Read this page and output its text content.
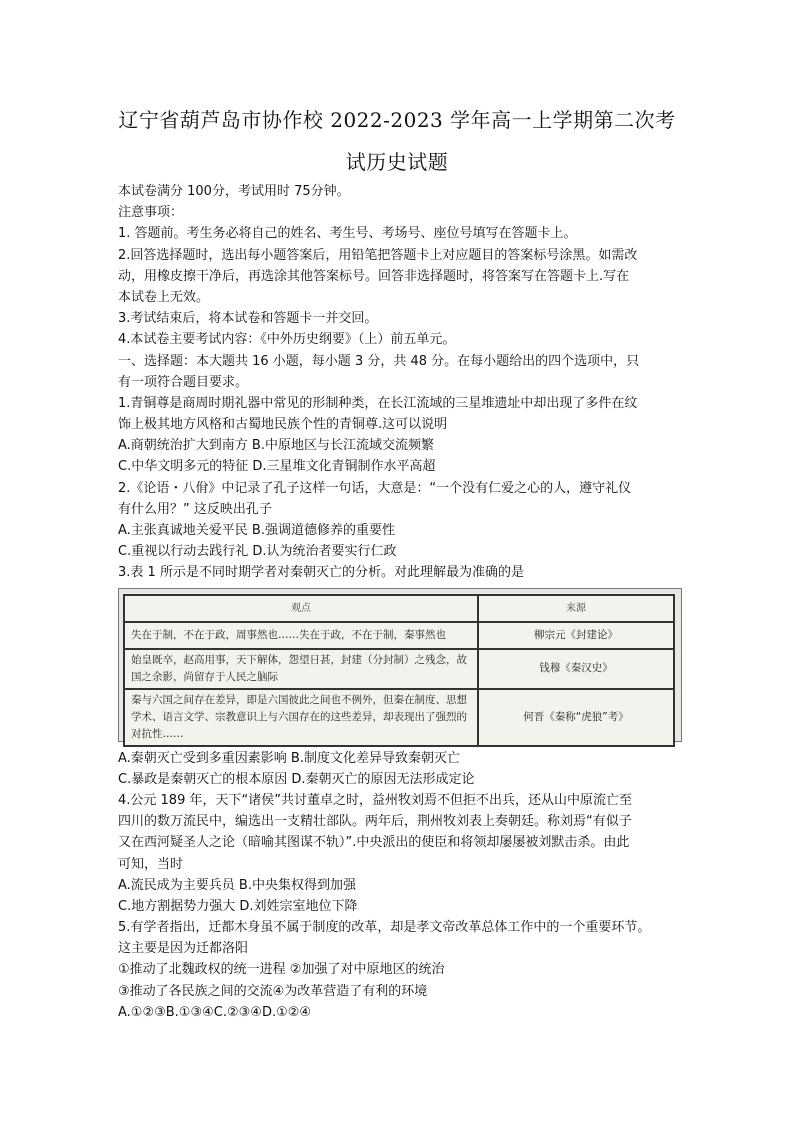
辽宁省葫芦岛市协作校 2022-2023 学年高一上学期第二次考
试历史试题
本试卷满分 100分，考试用时 75分钟。
注意事项：
1. 答题前。考生务必将自己的姓名、考生号、考场号、座位号填写在答题卡上。
2.回答选择题时，选出每小题答案后，用铅笔把答题卡上对应题目的答案标号涂黑。如需改
动，用橡皮擦干净后，再选涂其他答案标号。回答非选择题时，将答案写在答题卡上.写在
本试卷上无效。
3.考试结束后，将本试卷和答题卡一并交回。
4.本试卷主要考试内容：《中外历史纲要》（上）前五单元。
一、选择题：本大题共 16 小题，每小题 3 分，共 48 分。在每小题给出的四个选项中，只
有一项符合题目要求。
1.青铜尊是商周时期礼器中常见的形制种类，在长江流域的三星堆遗址中却出现了多件在纹
饰上极其地方风格和古蜀地民族个性的青铜尊.这可以说明
A.商朝统治扩大到南方 B.中原地区与长江流域交流频繁
C.中华文明多元的特征 D.三星堆文化青铜制作水平高超
2.《论语・八佾》中记录了孔子这样一句话，大意是：“一个没有仁爱之心的人，遵守礼仪
有什么用？” 这反映出孔子
A.主张真诚地关爱平民 B.强调道德修养的重要性
C.重视以行动去践行礼 D.认为统治者要实行仁政
3.表 1 所示是不同时期学者对秦朝灭亡的分析。对此理解最为准确的是
观点	来源
失在于制，不在于政，周事然也……失在于政，不在于制，秦事然也	柳宗元《封建论》
始皇既卒，赵高用事，天下解体，怨望日甚，封建（分封制）之残念，故国之余影，尚留存于人民之脑际	钱穆《秦汉史》
秦与六国之间存在差异，即是六国彼此之间也不例外，但秦在制度、思想学术、语言文学、宗教意识上与六国存在的这些差异，却表现出了强烈的对抗性……	何晋《秦称“虎狼”考》
A.秦朝灭亡受到多重因素影响 B.制度文化差异导致秦朝灭亡
C.暴政是秦朝灭亡的根本原因 D.秦朝灭亡的原因无法形成定论
4.公元 189 年，天下“诸侯”共讨董卓之时，益州牧刘焉不但拒不出兵，还从山中原流亡至
四川的数万流民中，编选出一支精壮部队。两年后，荆州牧刘表上奏朝廷。称刘焉“有似子
又在西河疑圣人之论（暗喻其图谋不轨）”.中央派出的使臣和将领却屡屡被刘默击杀。由此
可知，当时
A.流民成为主要兵员 B.中央集权得到加强
C.地方割据势力强大 D.刘姓宗室地位下降
5.有学者指出，迁都木身虽不属于制度的改革，却是孝文帝改革总体工作中的一个重要环节。
这主要是因为迁都洛阳
①推动了北魏政权的统一进程 ②加强了对中原地区的统治
③推动了各民族之间的交流④为改革营造了有利的环境
A.①②③B.①③④C.②③④D.①②④
